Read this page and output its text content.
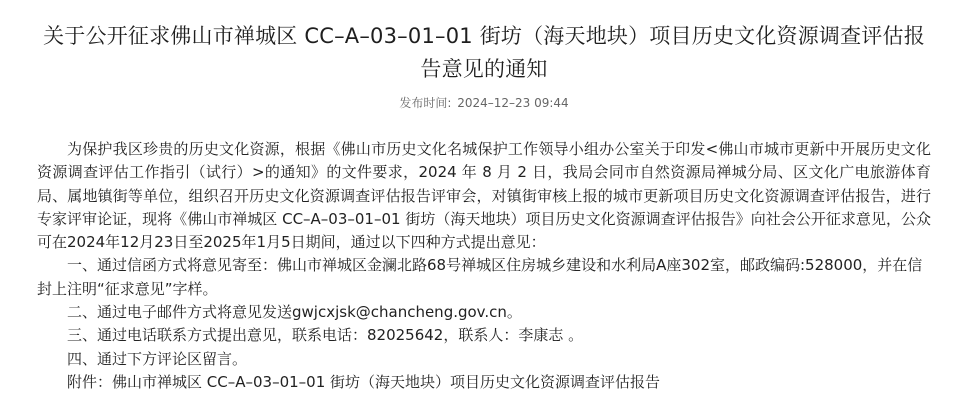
关于公开征求佛山市禅城区 CC–A–03–01–01 街坊（海天地块）项目历史文化资源调查评估报告意见的通知
发布时间: 2024–12–23 09:44

为保护我区珍贵的历史文化资源，根据《佛山市历史文化名城保护工作领导小组办公室关于印发<佛山市城市更新中开展历史文化资源调查评估工作指引（试行）>的通知》的文件要求，2024 年 8 月 2 日，我局会同市自然资源局禅城分局、区文化广电旅游体育局、属地镇街等单位，组织召开历史文化资源调查评估报告评审会，对镇街审核上报的城市更新项目历史文化资源调查评估报告，进行专家评审论证，现将《佛山市禅城区 CC–A–03–01–01 街坊（海天地块）项目历史文化资源调查评估报告》向社会公开征求意见，公众可在2024年12月23日至2025年1月5日期间，通过以下四种方式提出意见：

一、通过信函方式将意见寄至：佛山市禅城区金澜北路68号禅城区住房城乡建设和水利局A座302室，邮政编码:528000，并在信封上注明“征求意见”字样。
二、通过电子邮件方式将意见发送gwjcxjsk@chancheng.gov.cn。
三、通过电话联系方式提出意见，联系电话：82025642，联系人：李康志 。
四、通过下方评论区留言。
附件：佛山市禅城区 CC–A–03–01–01 街坊（海天地块）项目历史文化资源调查评估报告
